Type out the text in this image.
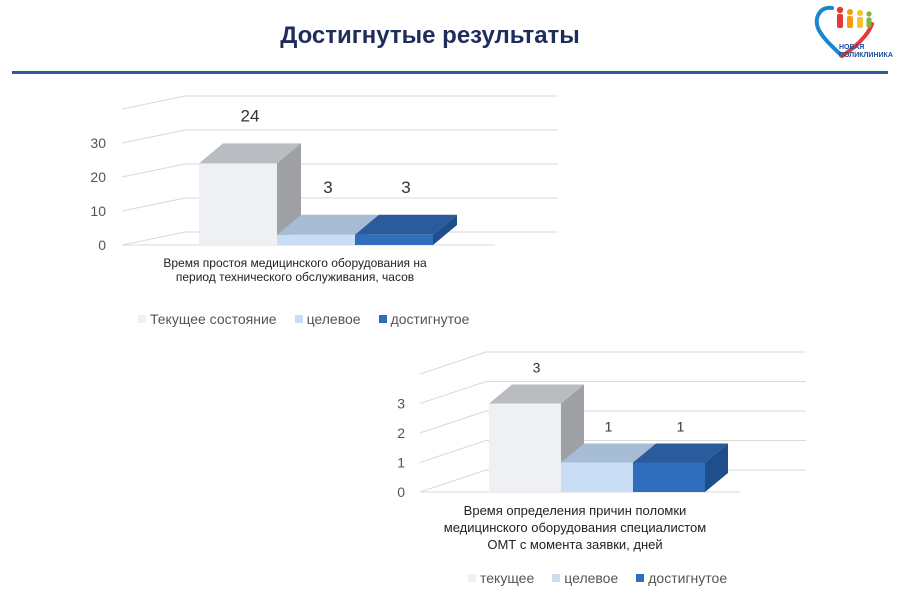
Достигнутые результаты	НОВАЯ
ПОЛИКЛИНИКА
0
10
20
30
24
3	3
Время простоя медицинского оборудования на
период технического обслуживания, часов
Текущее состояние целевое достигнутое
0
1
2
3
3
1	1
Время определения причин поломки
медицинского оборудования специалистом
ОМТ с момента заявки, дней
текущее целевое достигнутое
